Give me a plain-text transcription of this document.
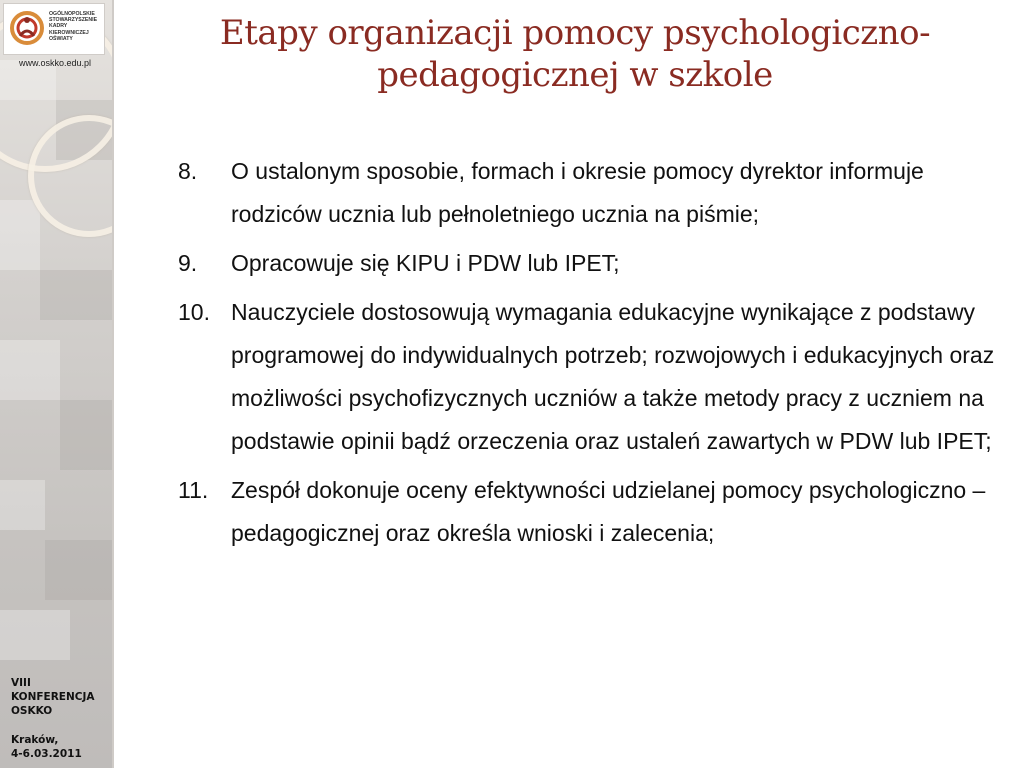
OGÓLNOPOLSKIE
STOWARZYSZENIE
KADRY
KIEROWNICZEJ
OŚWIATY
www.oskko.edu.pl
VIII
KONFERENCJA
OSKKO
Kraków,
4-6.03.2011
Etapy organizacji pomocy psychologiczno-pedagogicznej w szkole
8.	O ustalonym sposobie, formach i okresie pomocy dyrektor informuje rodziców ucznia lub pełnoletniego ucznia na piśmie;
9.	Opracowuje się KIPU i PDW lub IPET;
10. Nauczyciele dostosowują wymagania edukacyjne wynikające z podstawy programowej do indywidualnych potrzeb; rozwojowych i edukacyjnych oraz możliwości psychofizycznych uczniów a także metody pracy z uczniem na podstawie opinii bądź orzeczenia oraz ustaleń zawartych w PDW lub IPET;
11. Zespół dokonuje oceny efektywności udzielanej pomocy psychologiczno – pedagogicznej oraz określa wnioski i zalecenia;
